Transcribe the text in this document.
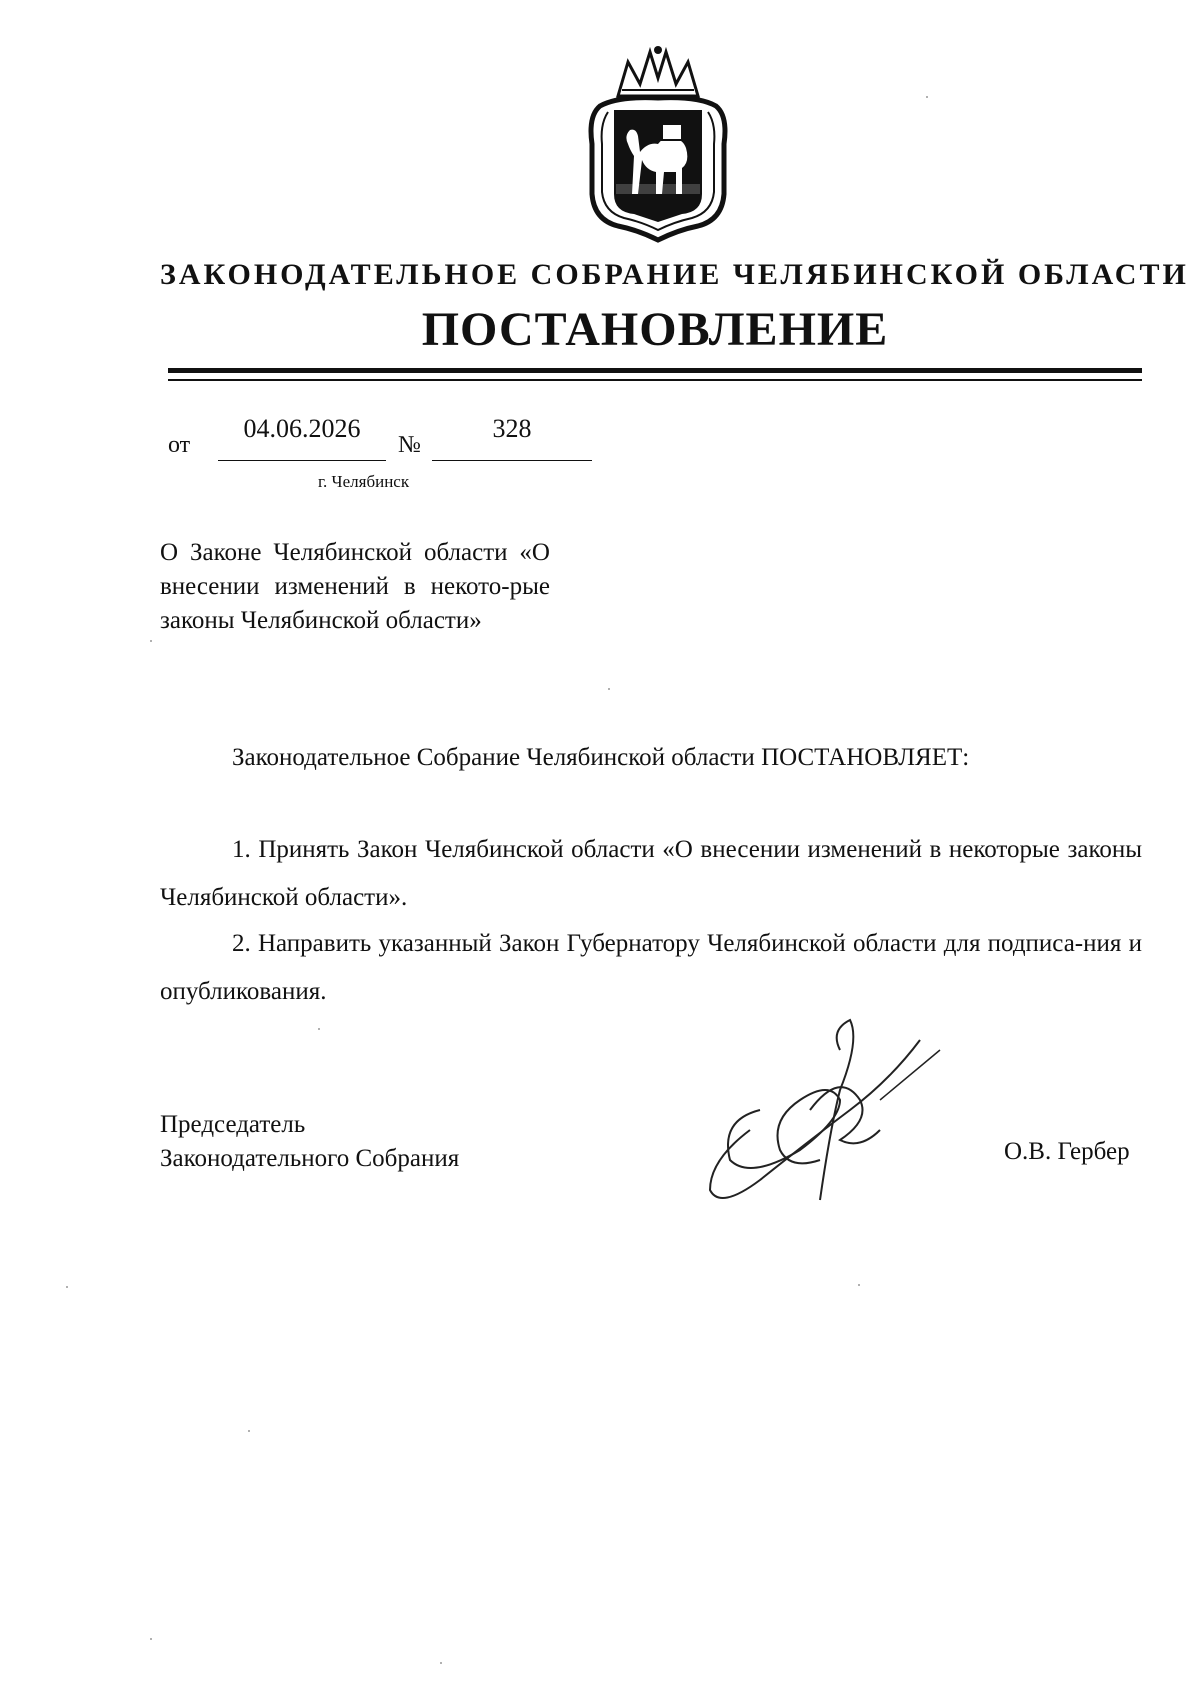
ЗАКОНОДАТЕЛЬНОЕ СОБРАНИЕ ЧЕЛЯБИНСКОЙ ОБЛАСТИ
ПОСТАНОВЛЕНИЕ
от
04.06.2026
№
328
г. Челябинск
О Законе Челябинской области «О внесении изменений в некото-рые законы Челябинской области»
Законодательное Собрание Челябинской области ПОСТАНОВЛЯЕТ:
1. Принять Закон Челябинской области «О внесении изменений в некоторые законы Челябинской области».
2. Направить указанный Закон Губернатору Челябинской области для подписа-ния и опубликования.
Председатель
Законодательного Собрания	О.В. Гербер
